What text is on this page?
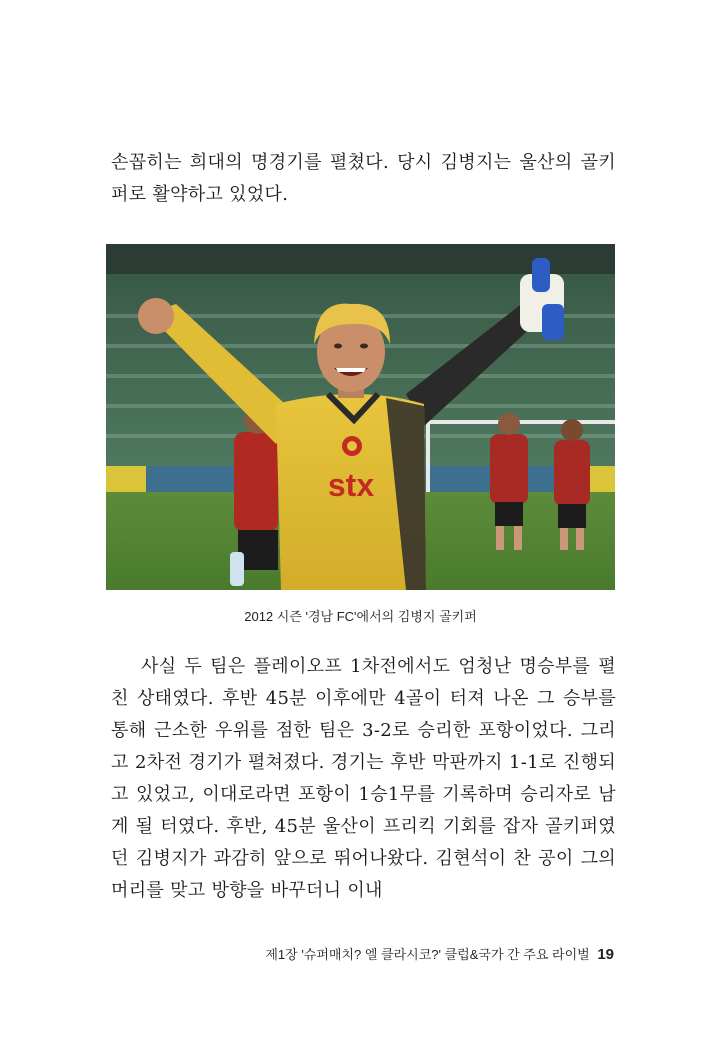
손꼽히는 희대의 명경기를 펼쳤다. 당시 김병지는 울산의 골키퍼로 활약하고 있었다.

stx
2012 시즌 '경남 FC'에서의 김병지 골키퍼

사실 두 팀은 플레이오프 1차전에서도 엄청난 명승부를 펼친 상태였다. 후반 45분 이후에만 4골이 터져 나온 그 승부를 통해 근소한 우위를 점한 팀은 3-2로 승리한 포항이었다. 그리고 2차전 경기가 펼쳐졌다. 경기는 후반 막판까지 1-1로 진행되고 있었고, 이대로라면 포항이 1승1무를 기록하며 승리자로 남게 될 터였다. 후반, 45분 울산이 프리킥 기회를 잡자 골키퍼였던 김병지가 과감히 앞으로 뛰어나왔다. 김현석이 찬 공이 그의 머리를 맞고 방향을 바꾸더니 이내

제1장 '슈퍼매치? 엘 클라시코?' 클럽&국가 간 주요 라이벌 19
